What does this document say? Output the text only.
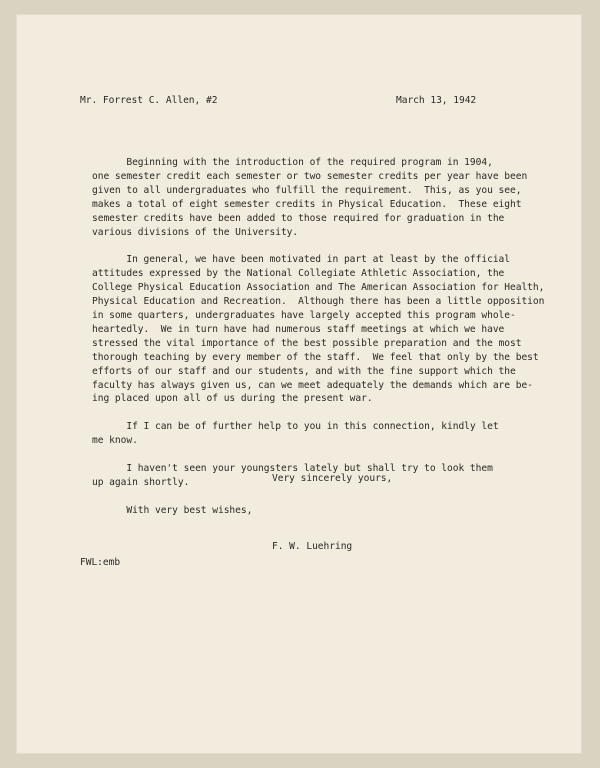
Mr. Forrest C. Allen, #2	March 13, 1942
Beginning with the introduction of the required program in 1904,
one semester credit each semester or two semester credits per year have been
given to all undergraduates who fulfill the requirement.  This, as you see,
makes a total of eight semester credits in Physical Education.  These eight
semester credits have been added to those required for graduation in the
various divisions of the University.

In general, we have been motivated in part at least by the official
attitudes expressed by the National Collegiate Athletic Association, the
College Physical Education Association and The American Association for Health,
Physical Education and Recreation.  Although there has been a little opposition
in some quarters, undergraduates have largely accepted this program whole-
heartedly.  We in turn have had numerous staff meetings at which we have
stressed the vital importance of the best possible preparation and the most
thorough teaching by every member of the staff.  We feel that only by the best
efforts of our staff and our students, and with the fine support which the
faculty has always given us, can we meet adequately the demands which are be-
ing placed upon all of us during the present war.

If I can be of further help to you in this connection, kindly let
me know.

I haven't seen your youngsters lately but shall try to look them
up again shortly.

With very best wishes,
Very sincerely yours,
F. W. Luehring
FWL:emb
